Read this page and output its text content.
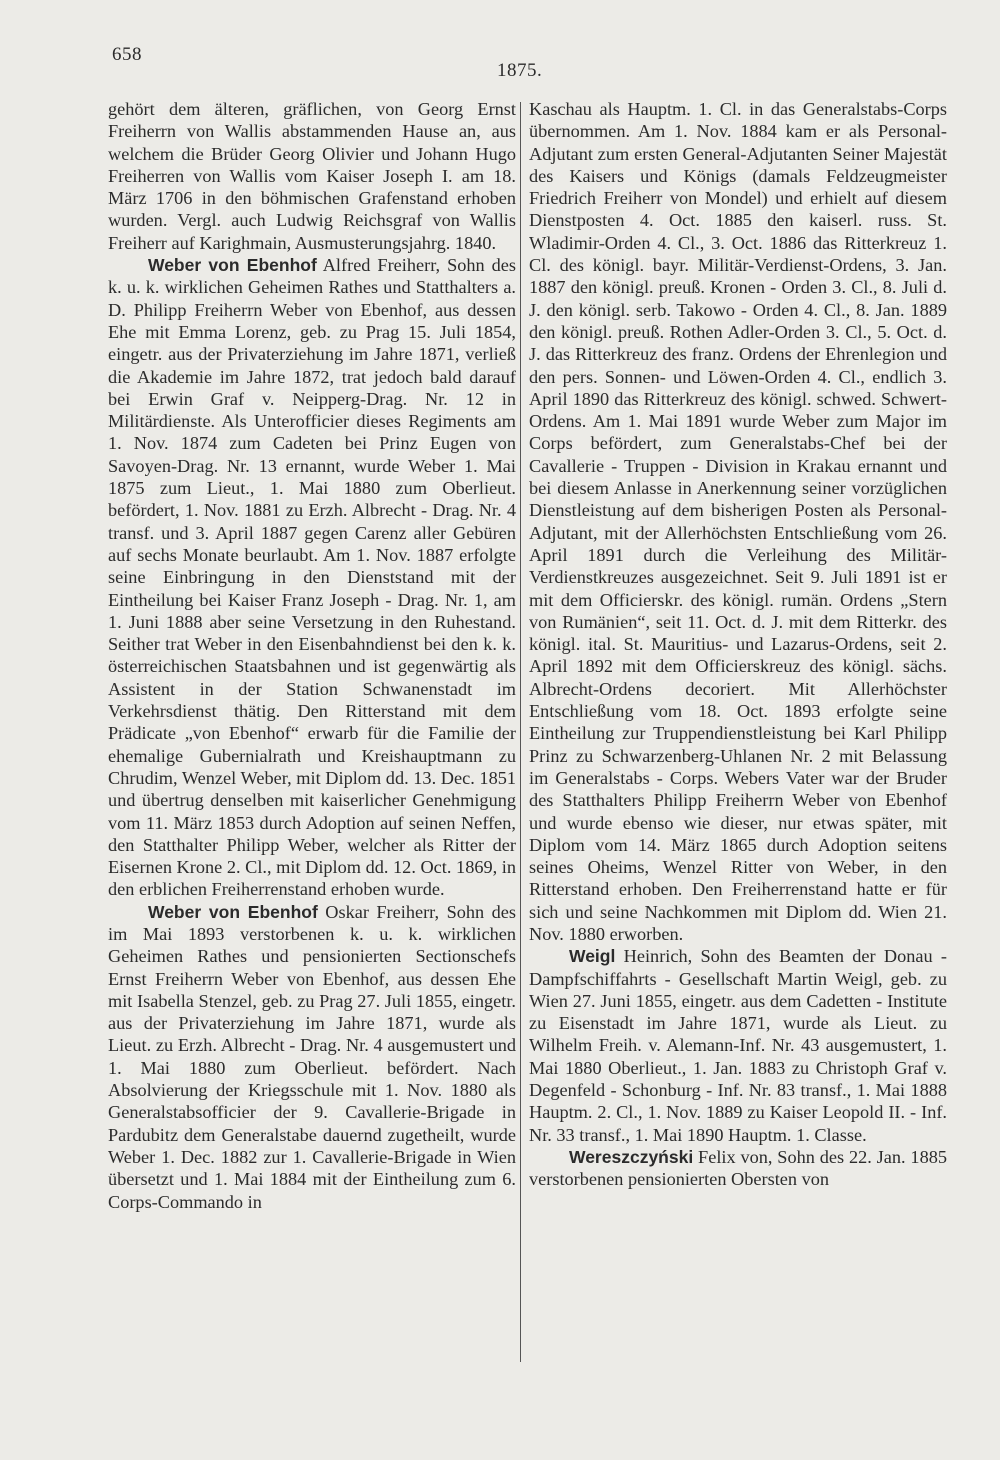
658
1875.

gehört dem älteren, gräflichen, von Georg Ernst Freiherrn von Wallis abstammenden Hause an, aus welchem die Brüder Georg Olivier und Johann Hugo Freiherren von Wallis vom Kaiser Joseph I. am 18. März 1706 in den böhmischen Grafenstand erhoben wurden. Vergl. auch Ludwig Reichsgraf von Wallis Freiherr auf Karighmain, Ausmusterungsjahrg. 1840.

Weber von Ebenhof Alfred Freiherr, Sohn des k. u. k. wirklichen Geheimen Rathes und Statthalters a. D. Philipp Freiherrn Weber von Ebenhof, aus dessen Ehe mit Emma Lorenz, geb. zu Prag 15. Juli 1854, eingetr. aus der Privaterziehung im Jahre 1871, verließ die Akademie im Jahre 1872, trat jedoch bald darauf bei Erwin Graf v. Neipperg-Drag. Nr. 12 in Militärdienste. Als Unterofficier dieses Regiments am 1. Nov. 1874 zum Cadeten bei Prinz Eugen von Savoyen-Drag. Nr. 13 ernannt, wurde Weber 1. Mai 1875 zum Lieut., 1. Mai 1880 zum Oberlieut. befördert, 1. Nov. 1881 zu Erzh. Albrecht - Drag. Nr. 4 transf. und 3. April 1887 gegen Carenz aller Gebüren auf sechs Monate beurlaubt. Am 1. Nov. 1887 erfolgte seine Einbringung in den Dienststand mit der Eintheilung bei Kaiser Franz Joseph - Drag. Nr. 1, am 1. Juni 1888 aber seine Versetzung in den Ruhestand. Seither trat Weber in den Eisenbahndienst bei den k. k. österreichischen Staatsbahnen und ist gegenwärtig als Assistent in der Station Schwanenstadt im Verkehrsdienst thätig. Den Ritterstand mit dem Prädicate „von Ebenhof“ erwarb für die Familie der ehemalige Gubernialrath und Kreishauptmann zu Chrudim, Wenzel Weber, mit Diplom dd. 13. Dec. 1851 und übertrug denselben mit kaiserlicher Genehmigung vom 11. März 1853 durch Adoption auf seinen Neffen, den Statthalter Philipp Weber, welcher als Ritter der Eisernen Krone 2. Cl., mit Diplom dd. 12. Oct. 1869, in den erblichen Freiherrenstand erhoben wurde.

Weber von Ebenhof Oskar Freiherr, Sohn des im Mai 1893 verstorbenen k. u. k. wirklichen Geheimen Rathes und pensionierten Sectionschefs Ernst Freiherrn Weber von Ebenhof, aus dessen Ehe mit Isabella Stenzel, geb. zu Prag 27. Juli 1855, eingetr. aus der Privaterziehung im Jahre 1871, wurde als Lieut. zu Erzh. Albrecht - Drag. Nr. 4 ausgemustert und 1. Mai 1880 zum Oberlieut. befördert. Nach Absolvierung der Kriegsschule mit 1. Nov. 1880 als Generalstabsofficier der 9. Cavallerie-Brigade in Pardubitz dem Generalstabe dauernd zugetheilt, wurde Weber 1. Dec. 1882 zur 1. Cavallerie-Brigade in Wien übersetzt und 1. Mai 1884 mit der Eintheilung zum 6. Corps-Commando in

Kaschau als Hauptm. 1. Cl. in das Generalstabs-Corps übernommen. Am 1. Nov. 1884 kam er als Personal-Adjutant zum ersten General-Adjutanten Seiner Majestät des Kaisers und Königs (damals Feldzeugmeister Friedrich Freiherr von Mondel) und erhielt auf diesem Dienstposten 4. Oct. 1885 den kaiserl. russ. St. Wladimir-Orden 4. Cl., 3. Oct. 1886 das Ritterkreuz 1. Cl. des königl. bayr. Militär-Verdienst-Ordens, 3. Jan. 1887 den königl. preuß. Kronen - Orden 3. Cl., 8. Juli d. J. den königl. serb. Takowo - Orden 4. Cl., 8. Jan. 1889 den königl. preuß. Rothen Adler-Orden 3. Cl., 5. Oct. d. J. das Ritterkreuz des franz. Ordens der Ehrenlegion und den pers. Sonnen- und Löwen-Orden 4. Cl., endlich 3. April 1890 das Ritterkreuz des königl. schwed. Schwert-Ordens. Am 1. Mai 1891 wurde Weber zum Major im Corps befördert, zum Generalstabs-Chef bei der Cavallerie - Truppen - Division in Krakau ernannt und bei diesem Anlasse in Anerkennung seiner vorzüglichen Dienstleistung auf dem bisherigen Posten als Personal-Adjutant, mit der Allerhöchsten Entschließung vom 26. April 1891 durch die Verleihung des Militär-Verdienstkreuzes ausgezeichnet. Seit 9. Juli 1891 ist er mit dem Officierskr. des königl. rumän. Ordens „Stern von Rumänien“, seit 11. Oct. d. J. mit dem Ritterkr. des königl. ital. St. Mauritius- und Lazarus-Ordens, seit 2. April 1892 mit dem Officierskreuz des königl. sächs. Albrecht-Ordens decoriert. Mit Allerhöchster Entschließung vom 18. Oct. 1893 erfolgte seine Eintheilung zur Truppendienstleistung bei Karl Philipp Prinz zu Schwarzenberg-Uhlanen Nr. 2 mit Belassung im Generalstabs - Corps. Webers Vater war der Bruder des Statthalters Philipp Freiherrn Weber von Ebenhof und wurde ebenso wie dieser, nur etwas später, mit Diplom vom 14. März 1865 durch Adoption seitens seines Oheims, Wenzel Ritter von Weber, in den Ritterstand erhoben. Den Freiherrenstand hatte er für sich und seine Nachkommen mit Diplom dd. Wien 21. Nov. 1880 erworben.

Weigl Heinrich, Sohn des Beamten der Donau - Dampfschiffahrts - Gesellschaft Martin Weigl, geb. zu Wien 27. Juni 1855, eingetr. aus dem Cadetten - Institute zu Eisenstadt im Jahre 1871, wurde als Lieut. zu Wilhelm Freih. v. Alemann-Inf. Nr. 43 ausgemustert, 1. Mai 1880 Oberlieut., 1. Jan. 1883 zu Christoph Graf v. Degenfeld - Schonburg - Inf. Nr. 83 transf., 1. Mai 1888 Hauptm. 2. Cl., 1. Nov. 1889 zu Kaiser Leopold II. - Inf. Nr. 33 transf., 1. Mai 1890 Hauptm. 1. Classe.

Wereszczyński Felix von, Sohn des 22. Jan. 1885 verstorbenen pensionierten Obersten von
